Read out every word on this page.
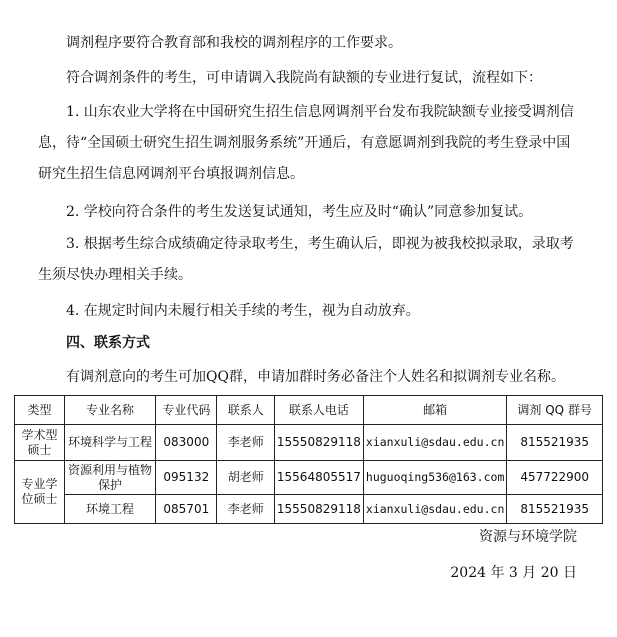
调剂程序要符合教育部和我校的调剂程序的工作要求。

符合调剂条件的考生，可申请调入我院尚有缺额的专业进行复试，流程如下：

1. 山东农业大学将在中国研究生招生信息网调剂平台发布我院缺额专业接受调剂信息，待“全国硕士研究生招生调剂服务系统”开通后，有意愿调剂到我院的考生登录中国研究生招生信息网调剂平台填报调剂信息。

2. 学校向符合条件的考生发送复试通知，考生应及时“确认”同意参加复试。

3. 根据考生综合成绩确定待录取考生，考生确认后，即视为被我校拟录取，录取考生须尽快办理相关手续。

4. 在规定时间内未履行相关手续的考生，视为自动放弃。

四、联系方式

有调剂意向的考生可加QQ群，申请加群时务必备注个人姓名和拟调剂专业名称。

类型	专业名称	专业代码	联系人	联系人电话	邮箱	调剂 QQ 群号
学术型硕士	环境科学与工程	083000	李老师	15550829118	xianxuli@sdau.edu.cn	815521935
专业学位硕士	资源利用与植物保护	095132	胡老师	15564805517	huguoqing536@163.com	457722900
	环境工程	085701	李老师	15550829118	xianxuli@sdau.edu.cn	815521935
资源与环境学院
2024 年 3 月 20 日
